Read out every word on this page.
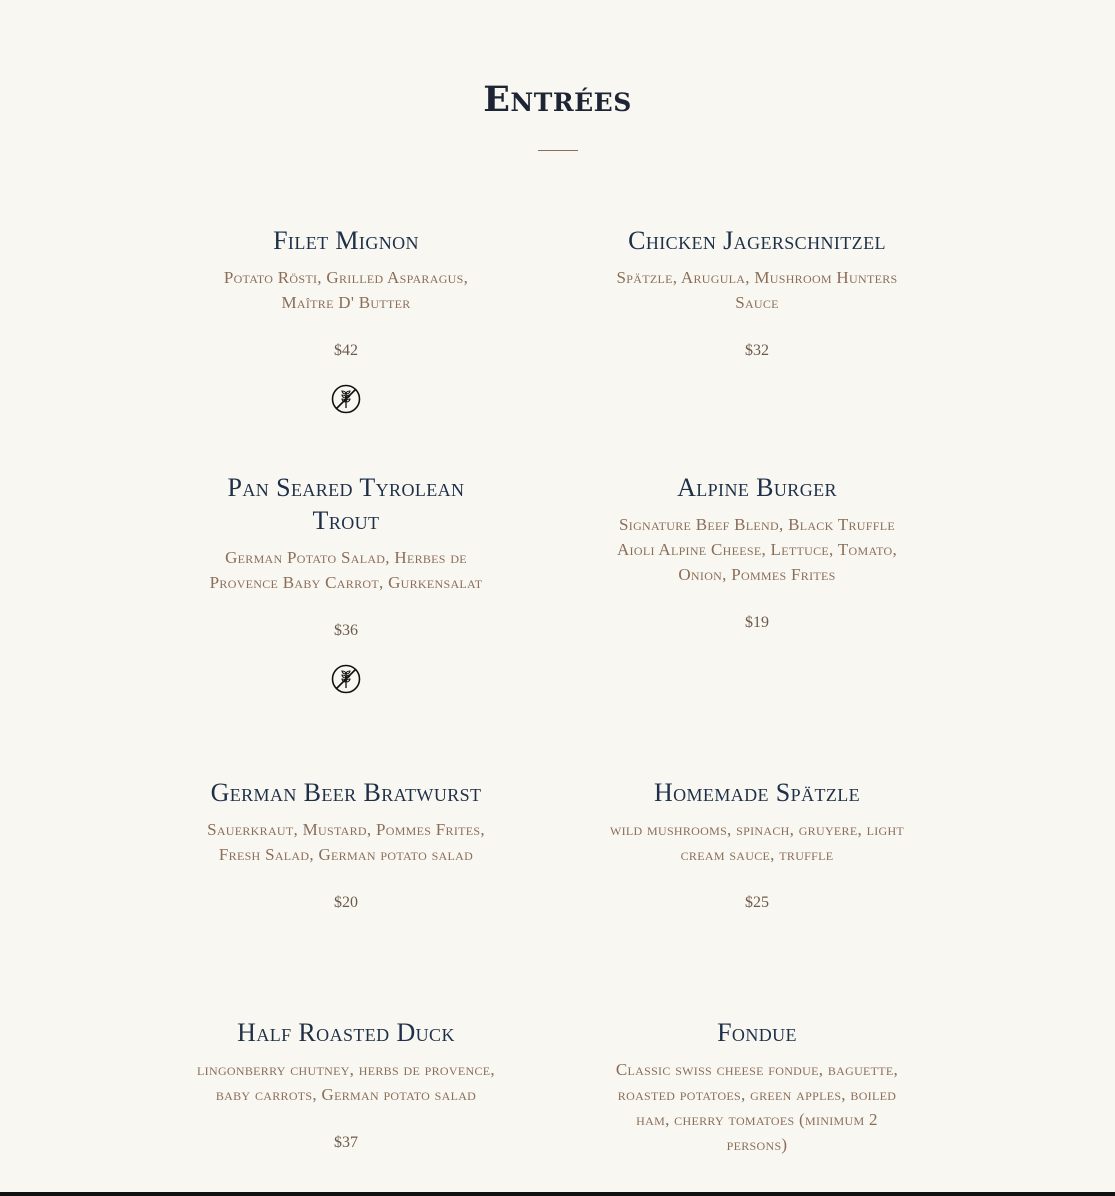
Entrées
Filet Mignon

Potato Rösti, Grilled Asparagus, Maître D' Butter

$42
Chicken Jagerschnitzel

Spätzle, Arugula, Mushroom Hunters Sauce

$32
Pan Seared Tyrolean Trout

German Potato Salad, Herbes de Provence Baby Carrot, Gurkensalat

$36
Alpine Burger

Signature Beef Blend, Black Truffle Aioli Alpine Cheese, Lettuce, Tomato, Onion, Pommes Frites

$19
German Beer Bratwurst

Sauerkraut, Mustard, Pommes Frites, Fresh Salad, German potato salad

$20
Homemade Spätzle

wild mushrooms, spinach, gruyere, light cream sauce, truffle

$25
Half Roasted Duck

lingonberry chutney, herbs de provence, baby carrots, German potato salad

$37
Fondue

Classic swiss cheese fondue, baguette, roasted potatoes, green apples, boiled ham, cherry tomatoes (minimum 2 persons)
